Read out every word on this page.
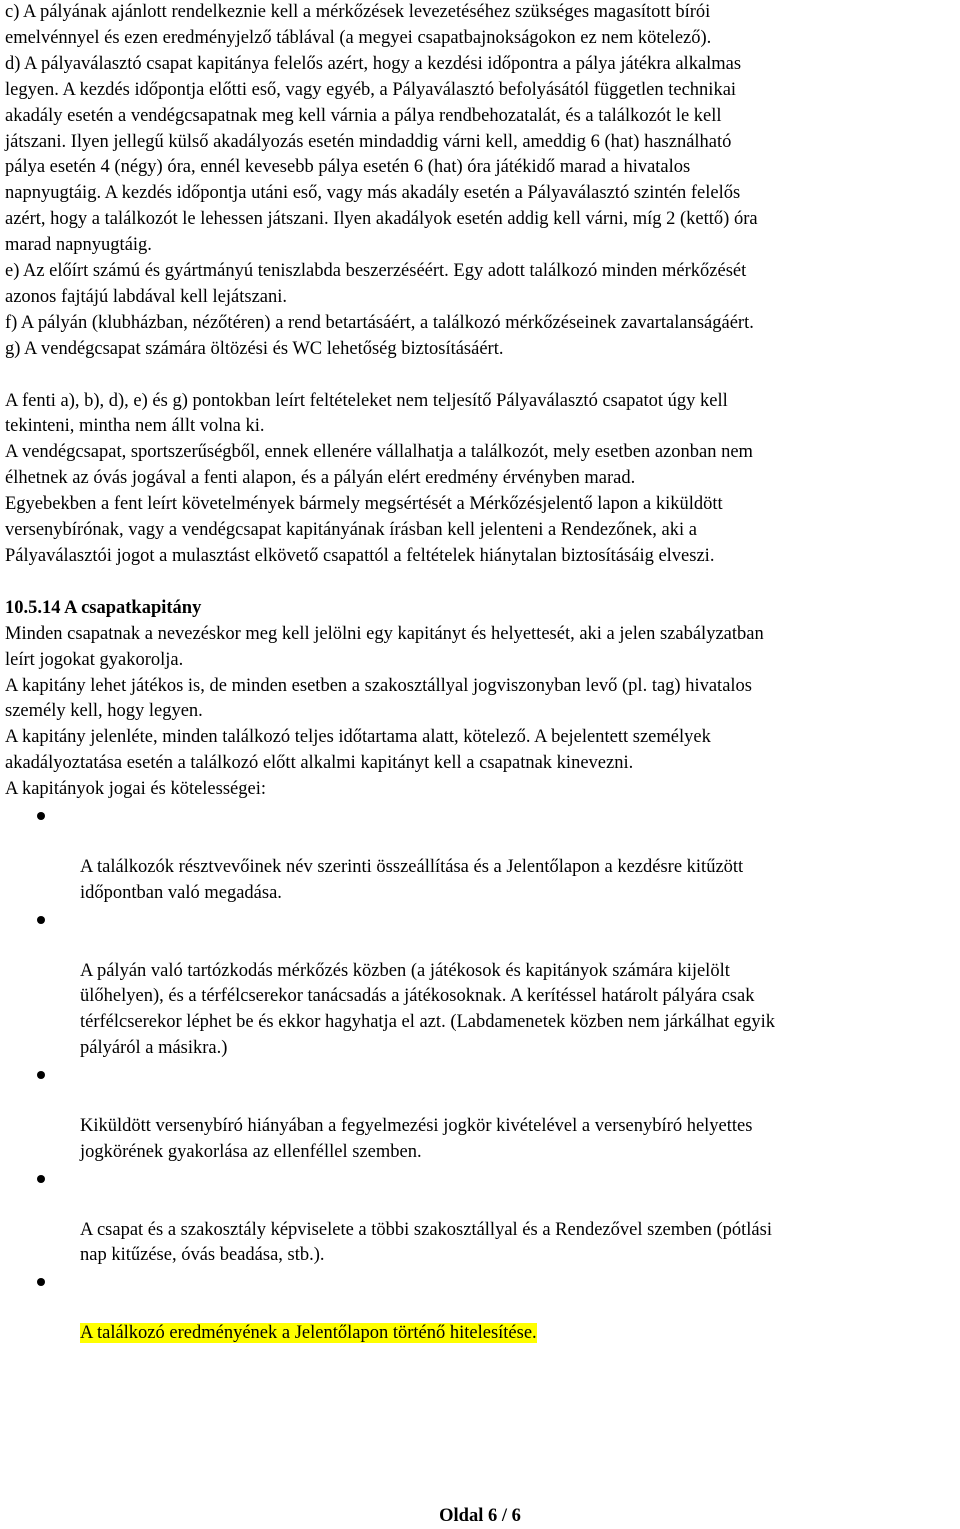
c) A pályának ajánlott rendelkeznie kell a mérkőzések levezetéséhez szükséges magasított bírói
emelvénnyel és ezen eredményjelző táblával (a megyei csapatbajnokságokon ez nem kötelező).

d) A pályaválasztó csapat kapitánya felelős azért, hogy a kezdési időpontra a pálya játékra alkalmas
legyen. A kezdés időpontja előtti eső, vagy egyéb, a Pályaválasztó befolyásától független technikai
akadály esetén a vendégcsapatnak meg kell várnia a pálya rendbehozatalát, és a találkozót le kell
játszani. Ilyen jellegű külső akadályozás esetén mindaddig várni kell, ameddig 6 (hat) használható
pálya esetén 4 (négy) óra, ennél kevesebb pálya esetén 6 (hat) óra játékidő marad a hivatalos
napnyugtáig. A kezdés időpontja utáni eső, vagy más akadály esetén a Pályaválasztó szintén felelős
azért, hogy a találkozót le lehessen játszani. Ilyen akadályok esetén addig kell várni, míg 2 (kettő) óra
marad napnyugtáig.

e) Az előírt számú és gyártmányú teniszlabda beszerzéséért. Egy adott találkozó minden mérkőzését
azonos fajtájú labdával kell lejátszani.

f) A pályán (klubházban, nézőtéren) a rend betartásáért, a találkozó mérkőzéseinek zavartalanságáért.

g) A vendégcsapat számára öltözési és WC lehetőség biztosításáért.

A fenti a), b), d), e) és g) pontokban leírt feltételeket nem teljesítő Pályaválasztó csapatot úgy kell
tekinteni, mintha nem állt volna ki.

A vendégcsapat, sportszerűségből, ennek ellenére vállalhatja a találkozót, mely esetben azonban nem
élhetnek az óvás jogával a fenti alapon, és a pályán elért eredmény érvényben marad.

Egyebekben a fent leírt követelmények bármely megsértését a Mérkőzésjelentő lapon a kiküldött
versenybírónak, vagy a vendégcsapat kapitányának írásban kell jelenteni a Rendezőnek, aki a
Pályaválasztói jogot a mulasztást elkövető csapattól a feltételek hiánytalan biztosításáig elveszi.

10.5.14 A csapatkapitány

Minden csapatnak a nevezéskor meg kell jelölni egy kapitányt és helyettesét, aki a jelen szabályzatban
leírt jogokat gyakorolja.

A kapitány lehet játékos is, de minden esetben a szakosztállyal jogviszonyban levő (pl. tag) hivatalos
személy kell, hogy legyen.

A kapitány jelenléte, minden találkozó teljes időtartama alatt, kötelező. A bejelentett személyek
akadályoztatása esetén a találkozó előtt alkalmi kapitányt kell a csapatnak kinevezni.

A kapitányok jogai és kötelességei:

A találkozók résztvevőinek név szerinti összeállítása és a Jelentőlapon a kezdésre kitűzött
időpontban való megadása.

A pályán való tartózkodás mérkőzés közben (a játékosok és kapitányok számára kijelölt
ülőhelyen), és a térfélcserekor tanácsadás a játékosoknak. A kerítéssel határolt pályára csak
térfélcserekor léphet be és ekkor hagyhatja el azt. (Labdamenetek közben nem járkálhat egyik
pályáról a másikra.)

Kiküldött versenybíró hiányában a fegyelmezési jogkör kivételével a versenybíró helyettes
jogkörének gyakorlása az ellenféllel szemben.

A csapat és a szakosztály képviselete a többi szakosztállyal és a Rendezővel szemben (pótlási
nap kitűzése, óvás beadása, stb.).

A találkozó eredményének a Jelentőlapon történő hitelesítése.

Oldal 6 / 6
